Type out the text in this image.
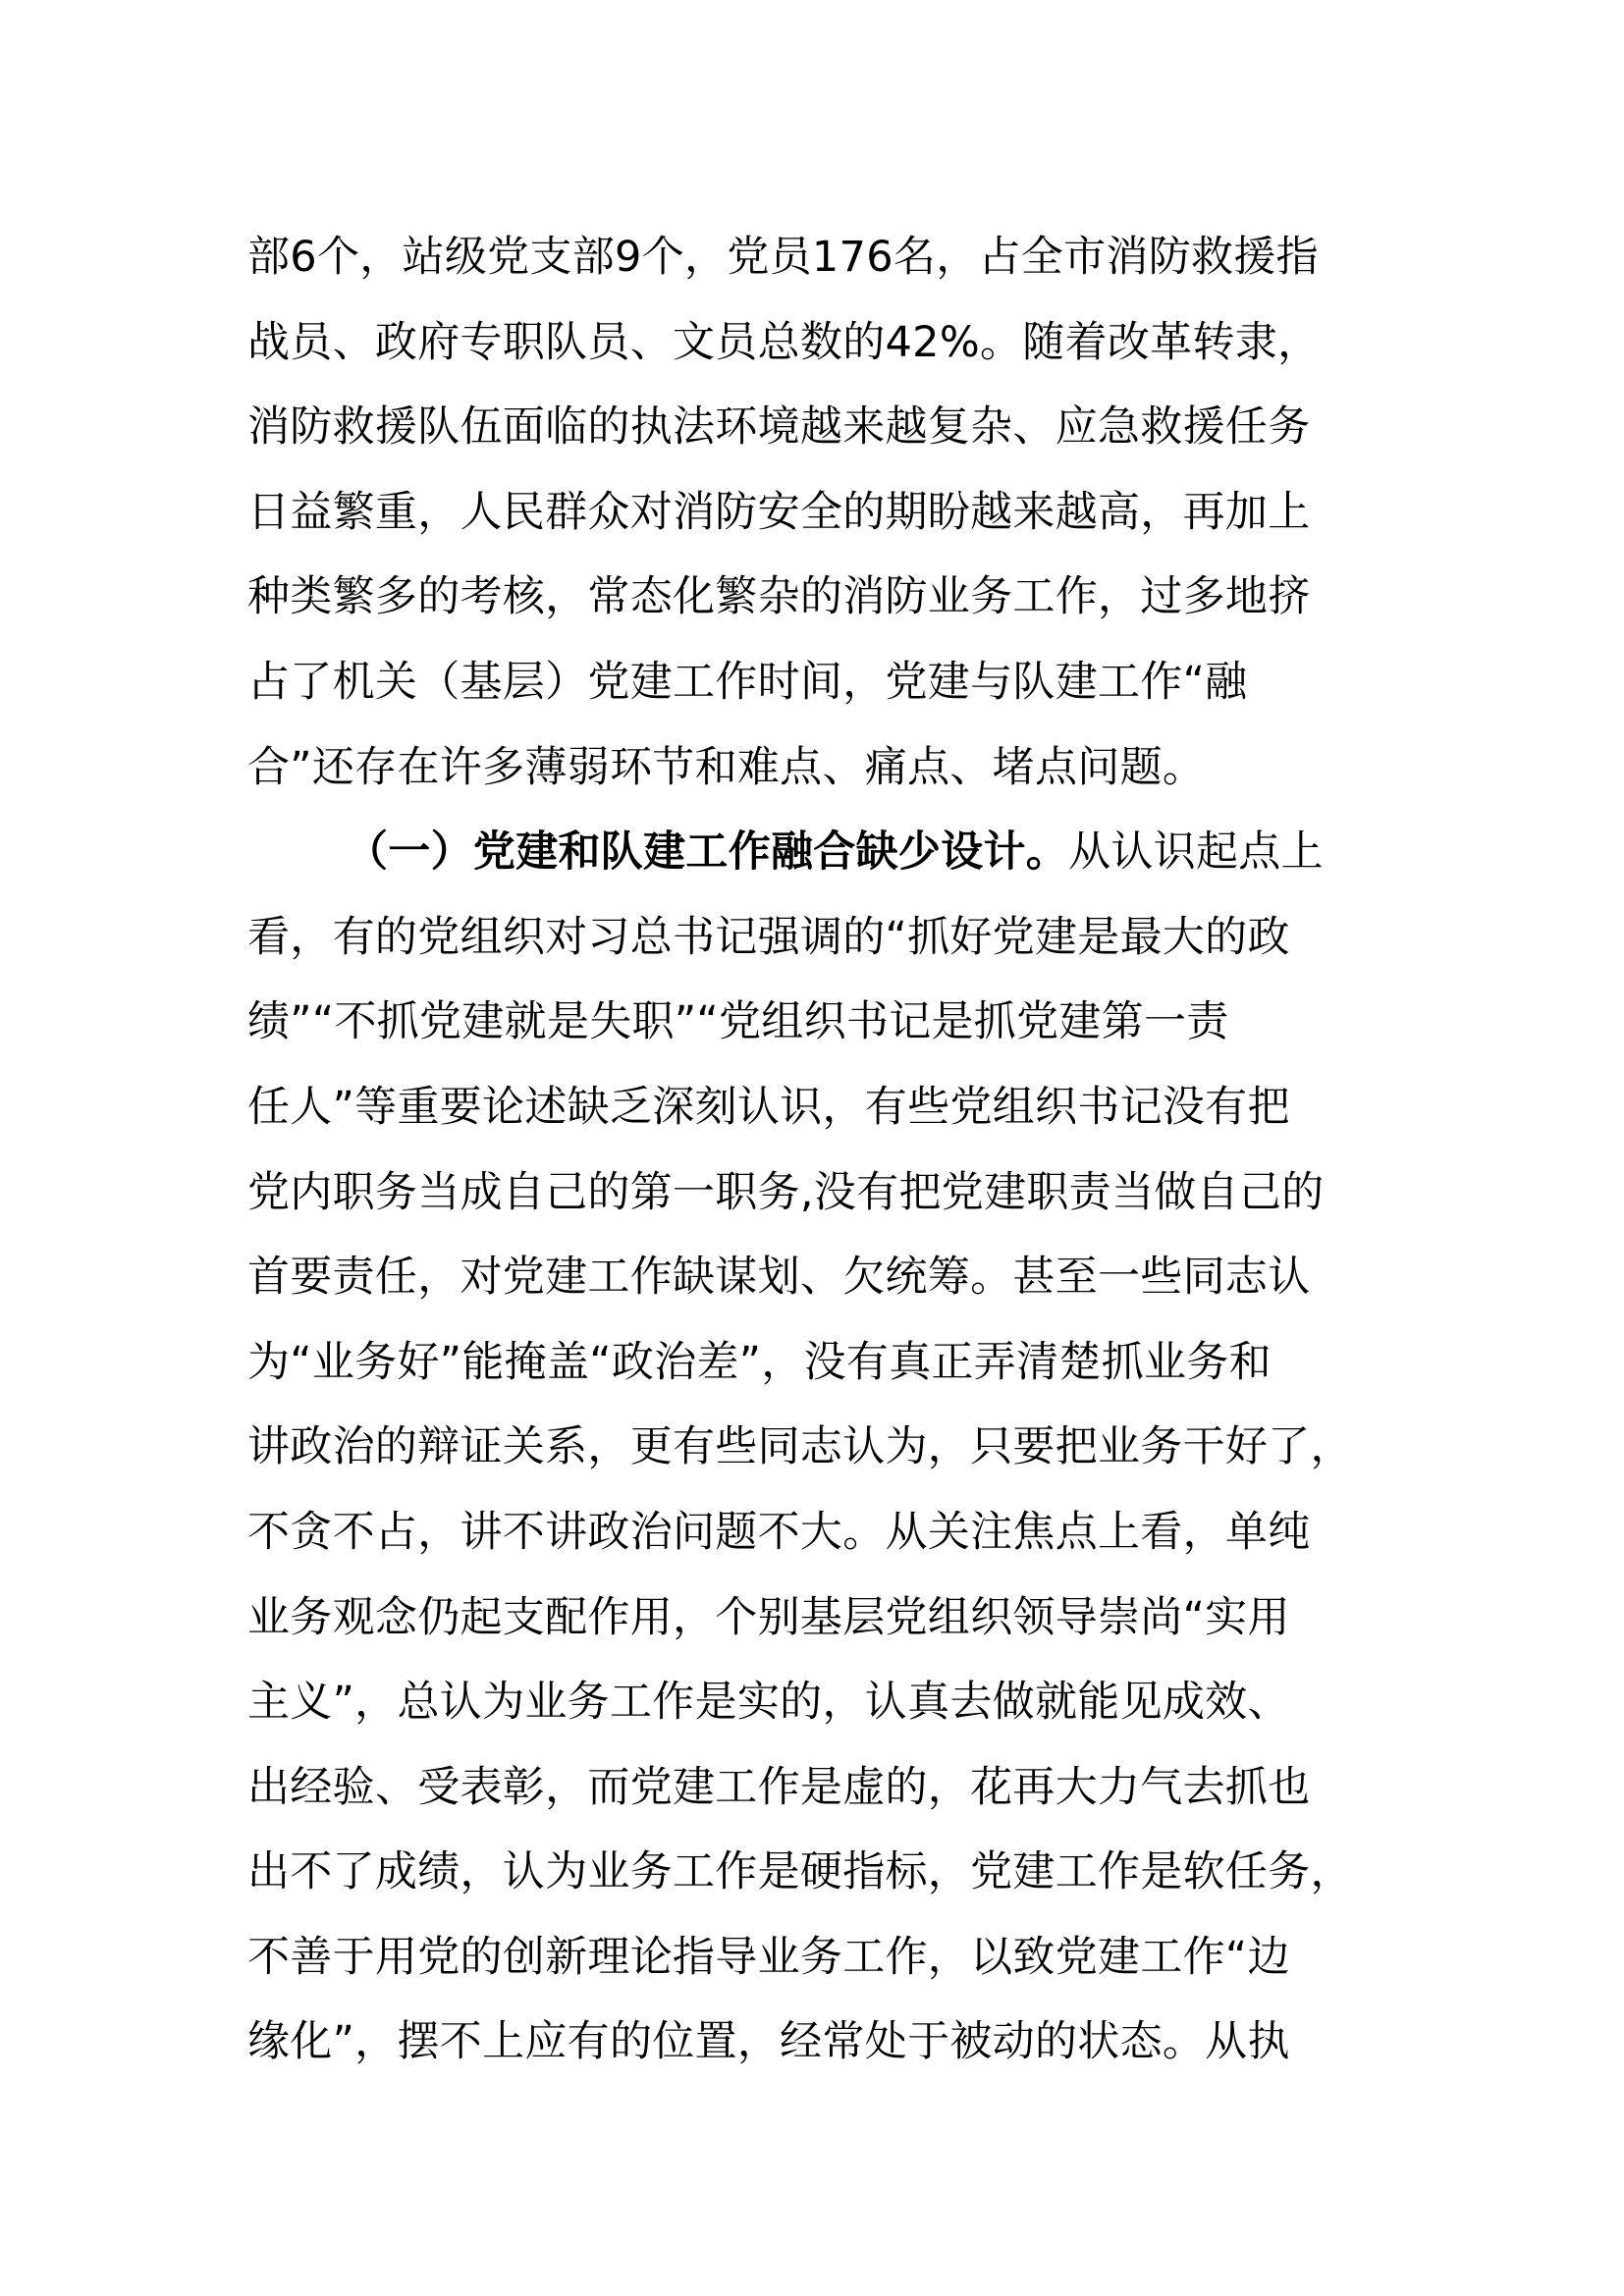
部6个，站级党支部9个，党员176名，占全市消防救援指
战员、政府专职队员、文员总数的42%。随着改革转隶，
消防救援队伍面临的执法环境越来越复杂、应急救援任务
日益繁重，人民群众对消防安全的期盼越来越高，再加上
种类繁多的考核，常态化繁杂的消防业务工作，过多地挤
占了机关（基层）党建工作时间，党建与队建工作“融
合”还存在许多薄弱环节和难点、痛点、堵点问题。
（一）党建和队建工作融合缺少设计。从认识起点上
看，有的党组织对习总书记强调的“抓好党建是最大的政
绩”“不抓党建就是失职”“党组织书记是抓党建第一责
任人”等重要论述缺乏深刻认识，有些党组织书记没有把
党内职务当成自己的第一职务,没有把党建职责当做自己的
首要责任，对党建工作缺谋划、欠统筹。甚至一些同志认
为“业务好”能掩盖“政治差”，没有真正弄清楚抓业务和
讲政治的辩证关系，更有些同志认为，只要把业务干好了，
不贪不占，讲不讲政治问题不大。从关注焦点上看，单纯
业务观念仍起支配作用，个别基层党组织领导崇尚“实用
主义”，总认为业务工作是实的，认真去做就能见成效、
出经验、受表彰，而党建工作是虚的，花再大力气去抓也
出不了成绩，认为业务工作是硬指标，党建工作是软任务，
不善于用党的创新理论指导业务工作，以致党建工作“边
缘化”，摆不上应有的位置，经常处于被动的状态。从执
